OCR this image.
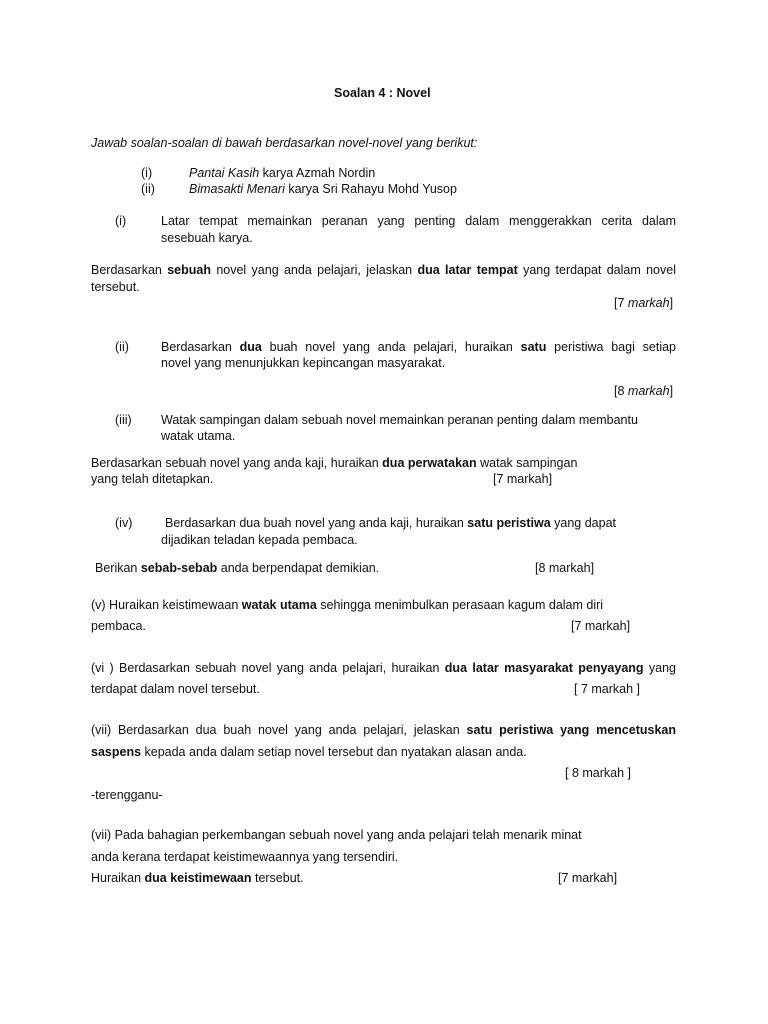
Soalan 4 : Novel
Jawab soalan-soalan di bawah berdasarkan novel-novel yang berikut:
(i)	Pantai Kasih karya Azmah Nordin
(ii)	Bimasakti Menari karya Sri Rahayu Mohd Yusop
(i)	Latar tempat memainkan peranan yang penting dalam menggerakkan cerita dalam
sesebuah karya.
Berdasarkan sebuah novel yang anda pelajari, jelaskan dua latar tempat yang terdapat dalam novel
tersebut.
[7 markah]
(ii)	Berdasarkan dua buah novel yang anda pelajari, huraikan satu peristiwa bagi setiap
novel yang menunjukkan kepincangan masyarakat.
[8 markah]
(iii) Watak sampingan dalam sebuah novel memainkan peranan penting dalam membantu
watak utama.
Berdasarkan sebuah novel yang anda kaji, huraikan dua perwatakan watak sampingan
yang telah ditetapkan.	[7 markah]
(iv)	Berdasarkan dua buah novel yang anda kaji, huraikan satu peristiwa yang dapat
dijadikan teladan kepada pembaca.
Berikan sebab-sebab anda berpendapat demikian.	[8 markah]
(v) Huraikan keistimewaan watak utama sehingga menimbulkan perasaan kagum dalam diri
pembaca.	[7 markah]
(vi ) Berdasarkan sebuah novel yang anda pelajari, huraikan dua latar masyarakat penyayang yang
terdapat dalam novel tersebut.	[ 7 markah ]
(vii) Berdasarkan dua buah novel yang anda pelajari, jelaskan satu peristiwa yang mencetuskan
saspens kepada anda dalam setiap novel tersebut dan nyatakan alasan anda.
[ 8 markah ]
-terengganu-
(vii) Pada bahagian perkembangan sebuah novel yang anda pelajari telah menarik minat
anda kerana terdapat keistimewaannya yang tersendiri.
Huraikan dua keistimewaan tersebut.	[7 markah]
